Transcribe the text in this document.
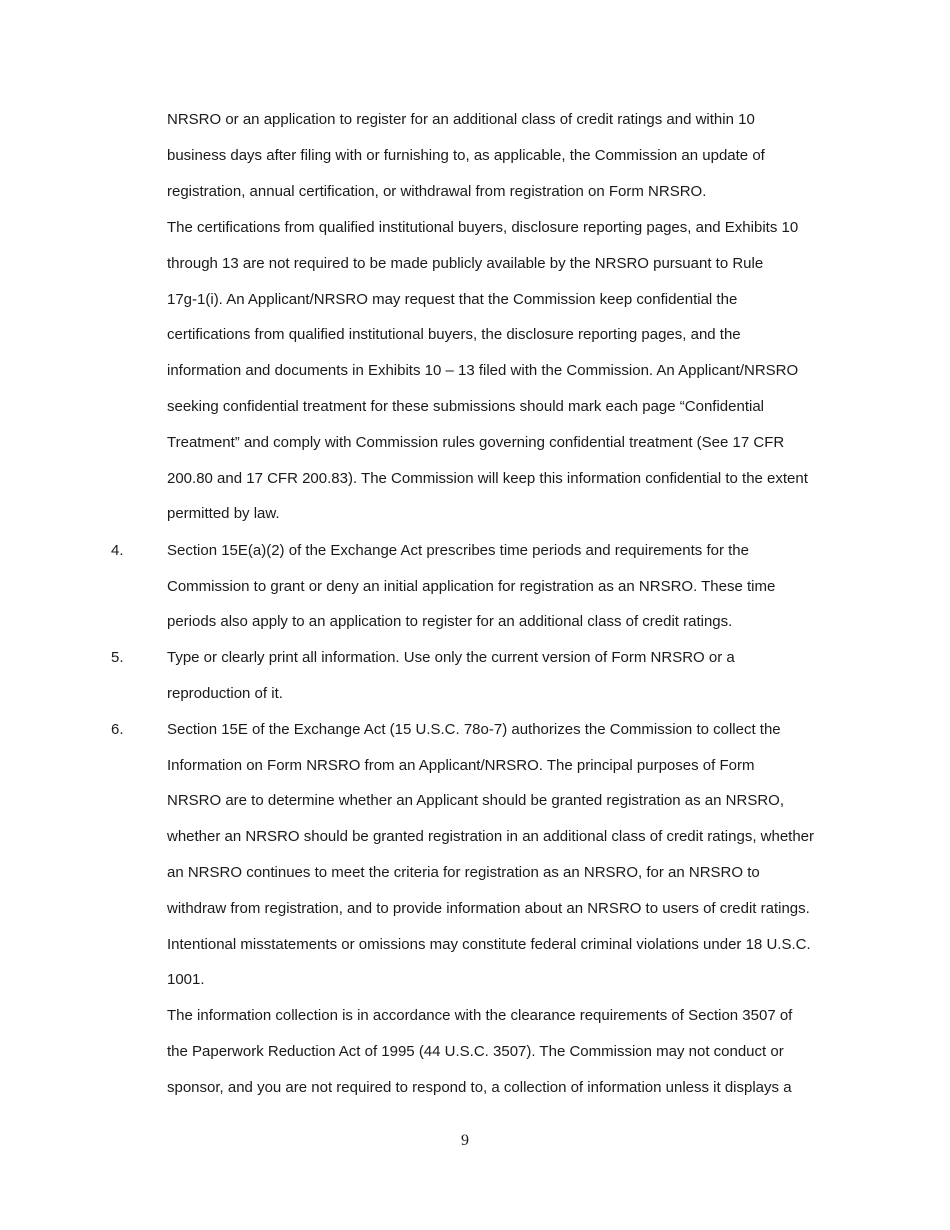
NRSRO or an application to register for an additional class of credit ratings and within 10
business days after filing with or furnishing to, as applicable, the Commission an update of
registration, annual certification, or withdrawal from registration on Form NRSRO.
The certifications from qualified institutional buyers, disclosure reporting pages, and Exhibits 10
through 13 are not required to be made publicly available by the NRSRO pursuant to Rule
17g-1(i). An Applicant/NRSRO may request that the Commission keep confidential the
certifications from qualified institutional buyers, the disclosure reporting pages, and the
information and documents in Exhibits 10 – 13 filed with the Commission. An Applicant/NRSRO
seeking confidential treatment for these submissions should mark each page “Confidential
Treatment” and comply with Commission rules governing confidential treatment (See 17 CFR
200.80 and 17 CFR 200.83). The Commission will keep this information confidential to the extent
permitted by law.
4.	Section 15E(a)(2) of the Exchange Act prescribes time periods and requirements for the
Commission to grant or deny an initial application for registration as an NRSRO. These time
periods also apply to an application to register for an additional class of credit ratings.
5.	Type or clearly print all information. Use only the current version of Form NRSRO or a
reproduction of it.
6.	Section 15E of the Exchange Act (15 U.S.C. 78o-7) authorizes the Commission to collect the
Information on Form NRSRO from an Applicant/NRSRO. The principal purposes of Form
NRSRO are to determine whether an Applicant should be granted registration as an NRSRO,
whether an NRSRO should be granted registration in an additional class of credit ratings, whether
an NRSRO continues to meet the criteria for registration as an NRSRO, for an NRSRO to
withdraw from registration, and to provide information about an NRSRO to users of credit ratings.
Intentional misstatements or omissions may constitute federal criminal violations under 18 U.S.C.
1001.
The information collection is in accordance with the clearance requirements of Section 3507 of
the Paperwork Reduction Act of 1995 (44 U.S.C. 3507). The Commission may not conduct or
sponsor, and you are not required to respond to, a collection of information unless it displays a
9
